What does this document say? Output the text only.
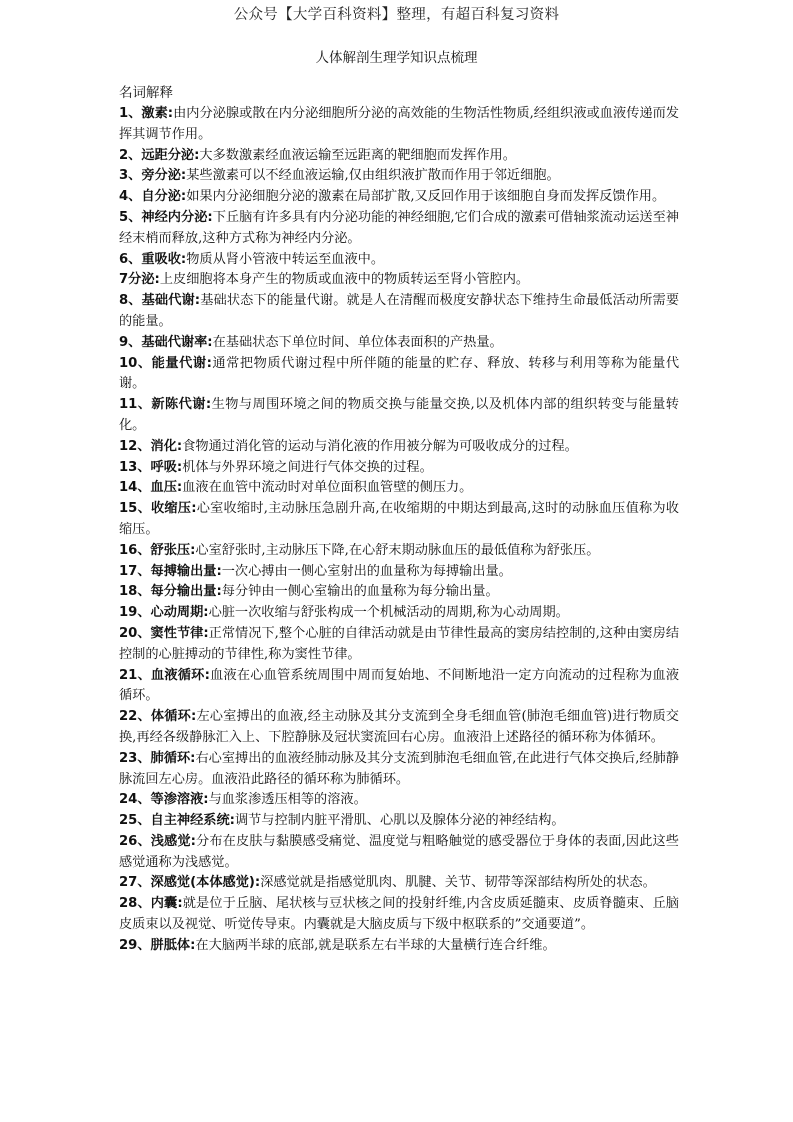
公众号【大学百科资料】整理，有超百科复习资料
人体解剖生理学知识点梳理

名词解释

1、激素:由内分泌腺或散在内分泌细胞所分泌的高效能的生物活性物质,经组织液或血液传递而发挥其调节作用。
2、远距分泌:大多数激素经血液运输至远距离的靶细胞而发挥作用。
3、旁分泌:某些激素可以不经血液运输,仅由组织液扩散而作用于邻近细胞。
4、自分泌:如果内分泌细胞分泌的激素在局部扩散,又反回作用于该细胞自身而发挥反馈作用。
5、神经内分泌:下丘脑有许多具有内分泌功能的神经细胞,它们合成的激素可借轴浆流动运送至神经末梢而释放,这种方式称为神经内分泌。
6、重吸收:物质从肾小管液中转运至血液中。
7分泌:上皮细胞将本身产生的物质或血液中的物质转运至肾小管腔内。
8、基础代谢:基础状态下的能量代谢。就是人在清醒而极度安静状态下维持生命最低活动所需要的能量。
9、基础代谢率:在基础状态下单位时间、单位体表面积的产热量。
10、能量代谢:通常把物质代谢过程中所伴随的能量的贮存、释放、转移与利用等称为能量代谢。
11、新陈代谢:生物与周围环境之间的物质交换与能量交换,以及机体内部的组织转变与能量转化。
12、消化:食物通过消化管的运动与消化液的作用被分解为可吸收成分的过程。
13、呼吸:机体与外界环境之间进行气体交换的过程。
14、血压:血液在血管中流动时对单位面积血管壁的侧压力。
15、收缩压:心室收缩时,主动脉压急剧升高,在收缩期的中期达到最高,这时的动脉血压值称为收缩压。
16、舒张压:心室舒张时,主动脉压下降,在心舒末期动脉血压的最低值称为舒张压。
17、每搏输出量:一次心搏由一侧心室射出的血量称为每搏输出量。
18、每分输出量:每分钟由一侧心室输出的血量称为每分输出量。
19、心动周期:心脏一次收缩与舒张构成一个机械活动的周期,称为心动周期。
20、窦性节律:正常情况下,整个心脏的自律活动就是由节律性最高的窦房结控制的,这种由窦房结控制的心脏搏动的节律性,称为窦性节律。
21、血液循环:血液在心血管系统周围中周而复始地、不间断地沿一定方向流动的过程称为血液循环。
22、体循环:左心室搏出的血液,经主动脉及其分支流到全身毛细血管(肺泡毛细血管)进行物质交换,再经各级静脉汇入上、下腔静脉及冠状窦流回右心房。血液沿上述路径的循环称为体循环。
23、肺循环:右心室搏出的血液经肺动脉及其分支流到肺泡毛细血管,在此进行气体交换后,经肺静脉流回左心房。血液沿此路径的循环称为肺循环。
24、等渗溶液:与血浆渗透压相等的溶液。
25、自主神经系统:调节与控制内脏平滑肌、心肌以及腺体分泌的神经结构。
26、浅感觉:分布在皮肤与黏膜感受痛觉、温度觉与粗略触觉的感受器位于身体的表面,因此这些感觉通称为浅感觉。
27、深感觉(本体感觉):深感觉就是指感觉肌肉、肌腱、关节、韧带等深部结构所处的状态。
28、内囊:就是位于丘脑、尾状核与豆状核之间的投射纤维,内含皮质延髓束、皮质脊髓束、丘脑皮质束以及视觉、听觉传导束。内囊就是大脑皮质与下级中枢联系的”交通要道”。
29、胼胝体:在大脑两半球的底部,就是联系左右半球的大量横行连合纤维。
